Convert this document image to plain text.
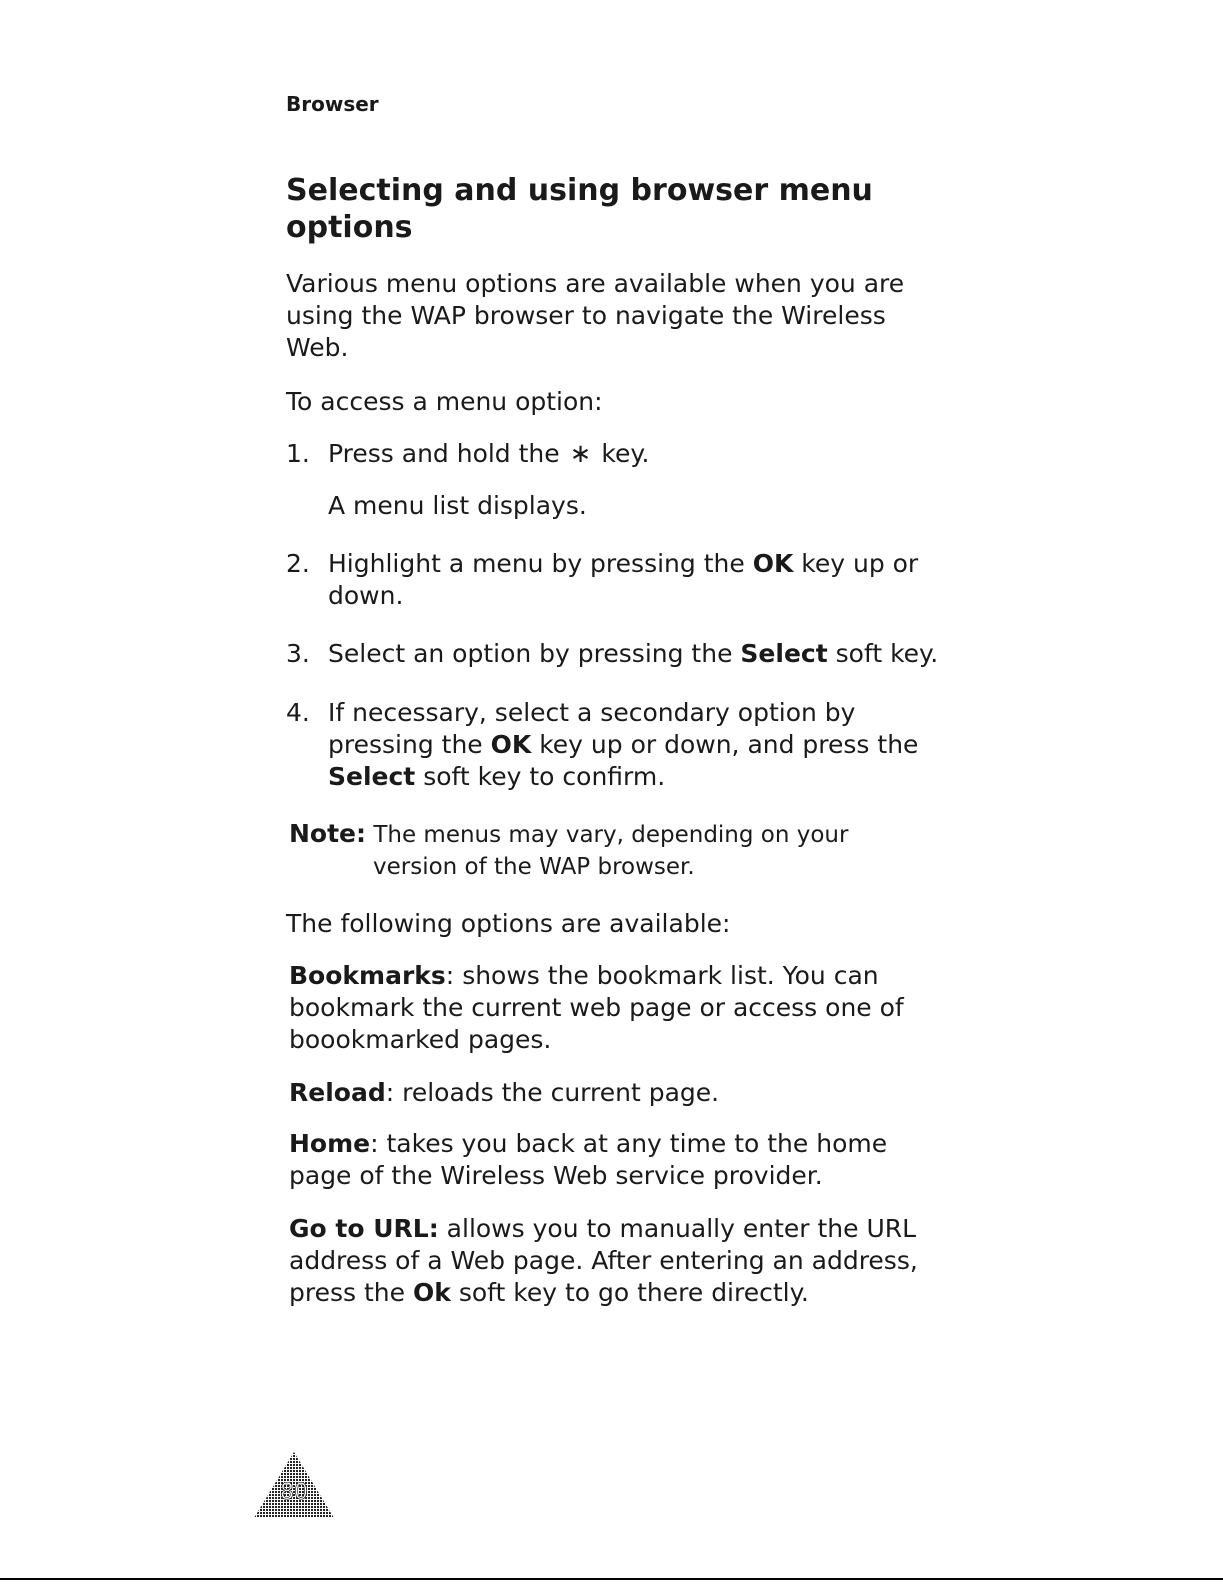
Browser
Selecting and using browser menu
options

Various menu options are available when you are
using the WAP browser to navigate the Wireless
Web.

To access a menu option:

1. Press and hold the ∗ key.
A menu list displays.
2. Highlight a menu by pressing the OK key up or
down.
3. Select an option by pressing the Select soft key.
4. If necessary, select a secondary option by
pressing the OK key up or down, and press the
Select soft key to confirm.
Note: The menus may vary, depending on your
version of the WAP browser.

The following options are available:

Bookmarks: shows the bookmark list. You can
bookmark the current web page or access one of
boookmarked pages.

Reload: reloads the current page.

Home: takes you back at any time to the home
page of the Wireless Web service provider.

Go to URL: allows you to manually enter the URL
address of a Web page. After entering an address,
press the Ok soft key to go there directly.

80
